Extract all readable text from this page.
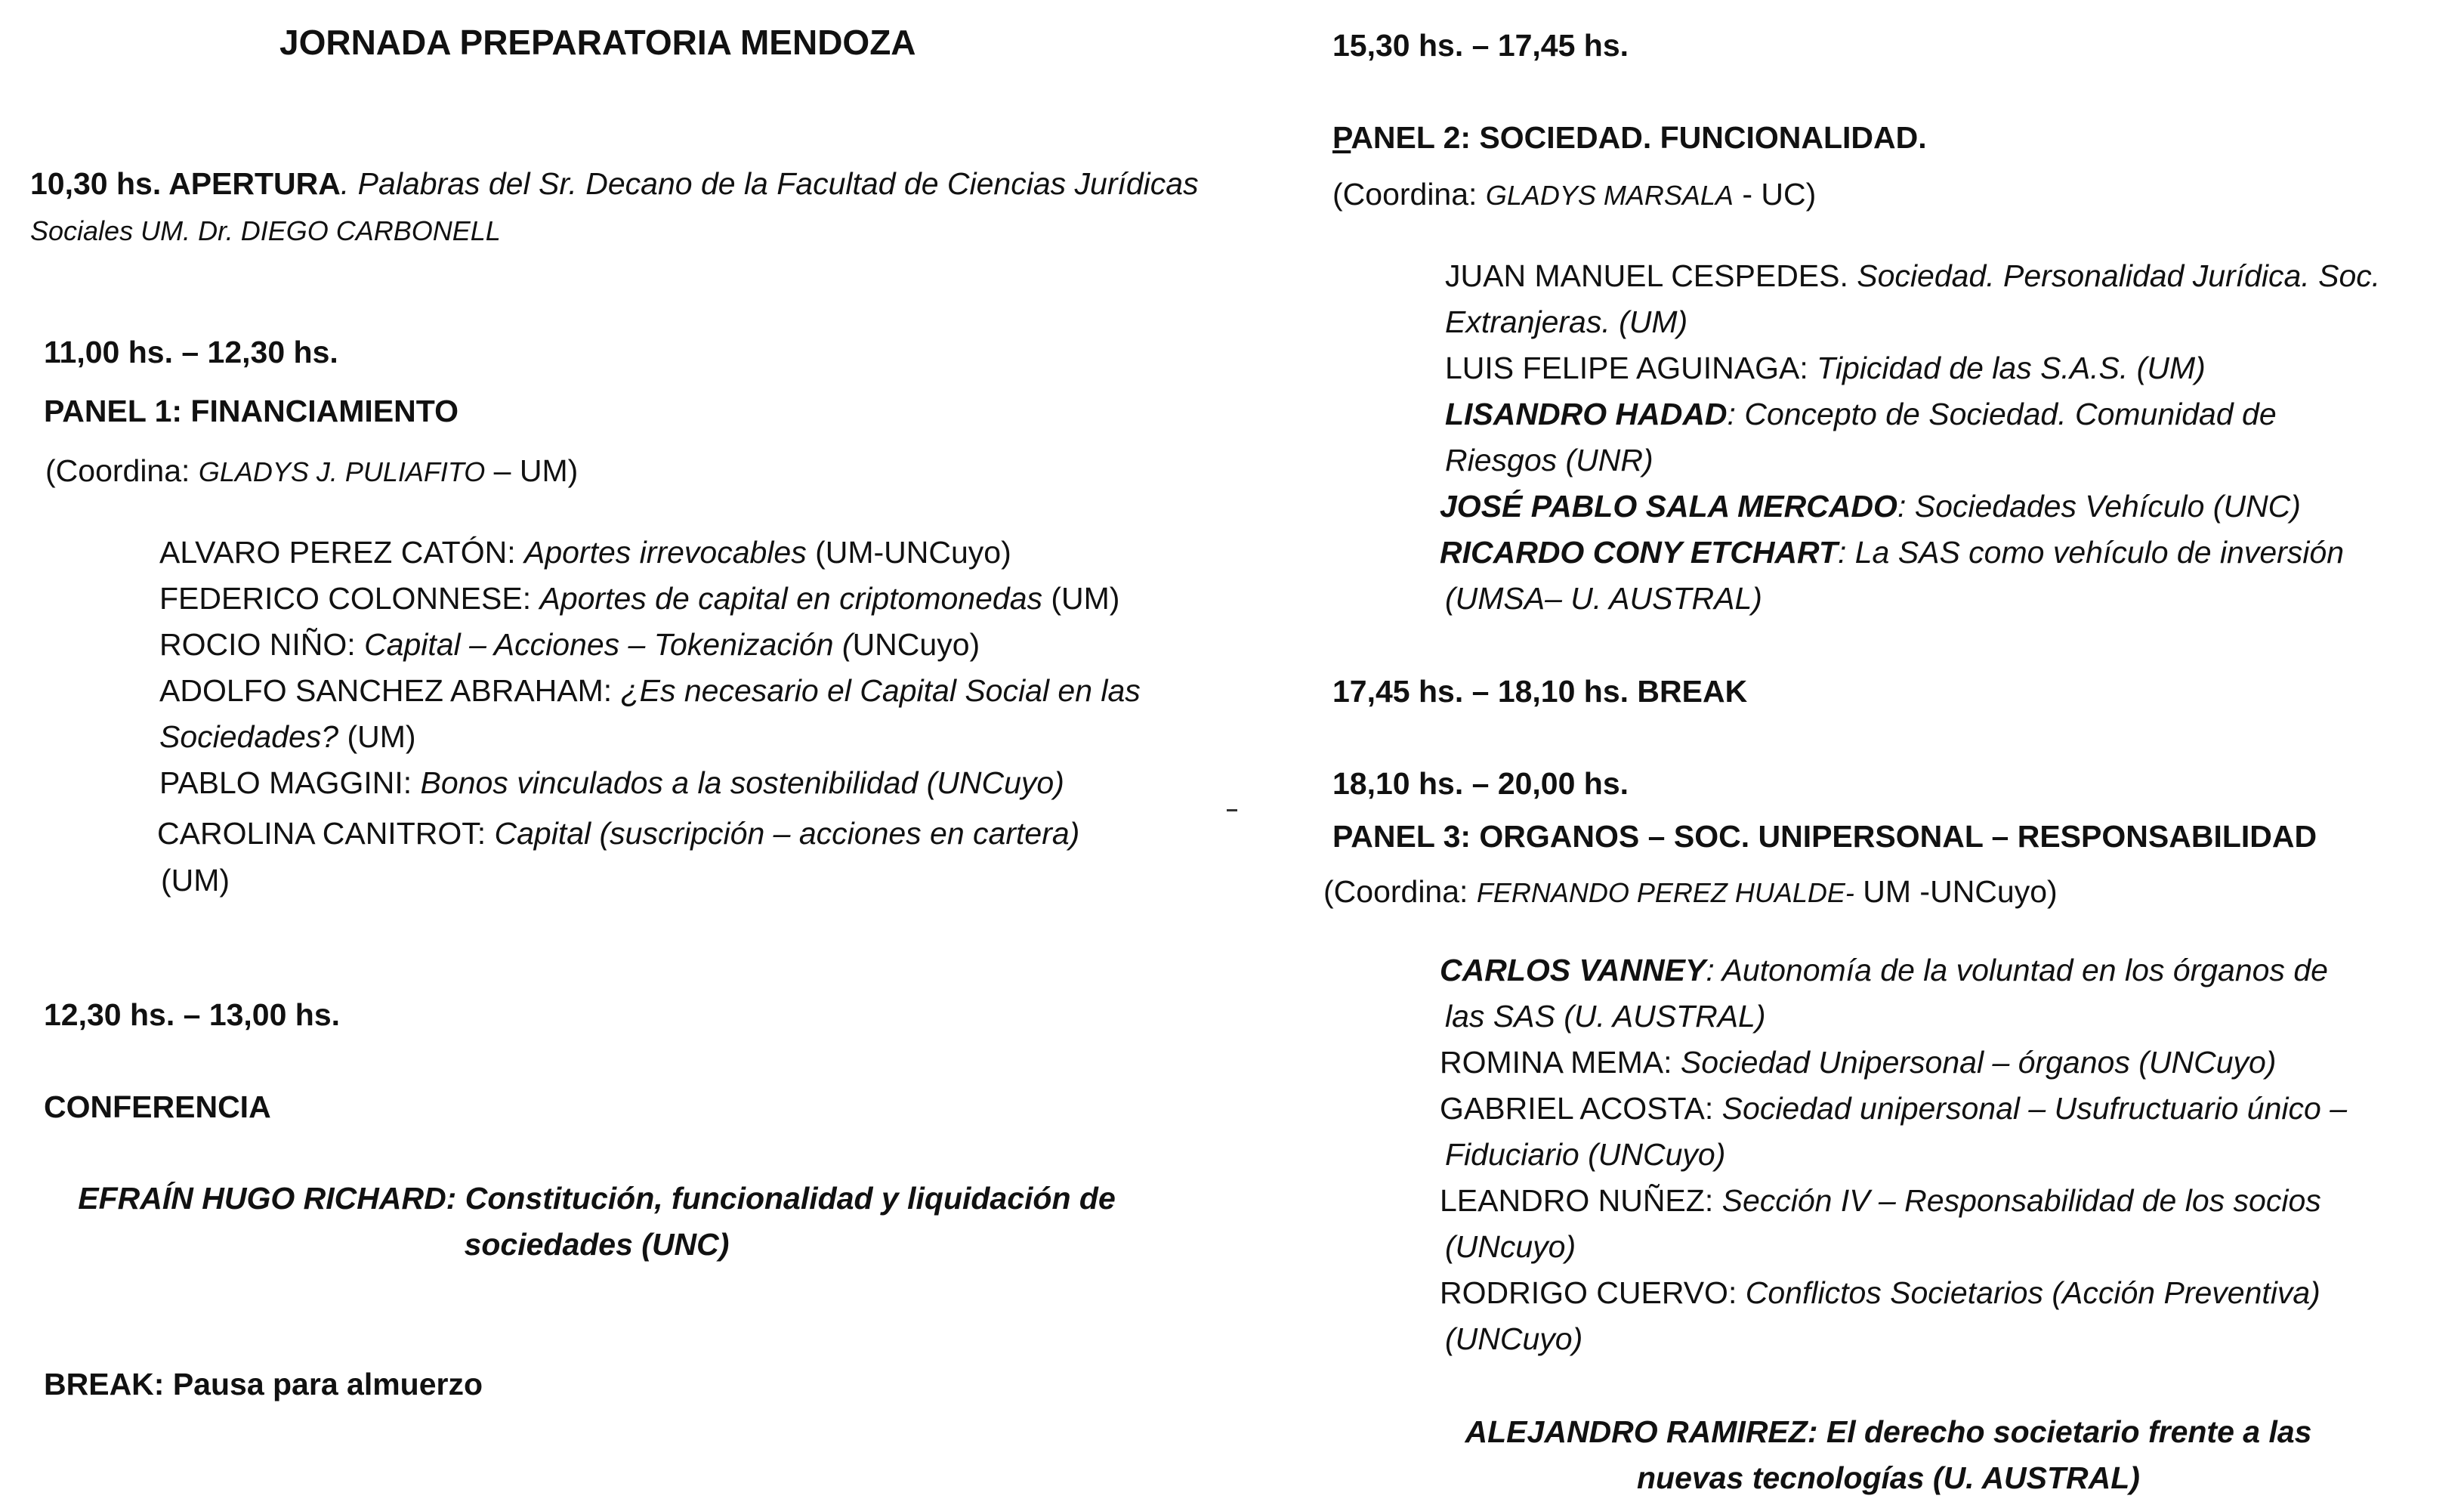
JORNADA PREPARATORIA MENDOZA
10,30 hs. APERTURA. Palabras del Sr. Decano de la Facultad de Ciencias Jurídicas
Sociales UM. Dr. DIEGO CARBONELL
11,00 hs. – 12,30 hs.
PANEL 1: FINANCIAMIENTO
(Coordina: GLADYS J. PULIAFITO – UM)
ALVARO PEREZ CATÓN: Aportes irrevocables (UM-UNCuyo)
FEDERICO COLONNESE: Aportes de capital en criptomonedas (UM)
ROCIO NIÑO: Capital – Acciones – Tokenización (UNCuyo)
ADOLFO SANCHEZ ABRAHAM: ¿Es necesario el Capital Social en las
Sociedades? (UM)
PABLO MAGGINI: Bonos vinculados a la sostenibilidad (UNCuyo)
CAROLINA CANITROT: Capital (suscripción – acciones en cartera)
(UM)
12,30 hs. – 13,00 hs.
CONFERENCIA
EFRAÍN HUGO RICHARD: Constitución, funcionalidad y liquidación de
sociedades (UNC)
BREAK: Pausa para almuerzo
15,30 hs. – 17,45 hs.
PANEL 2: SOCIEDAD. FUNCIONALIDAD.
(Coordina: GLADYS MARSALA - UC)
JUAN MANUEL CESPEDES. Sociedad. Personalidad Jurídica. Soc.
Extranjeras. (UM)
LUIS FELIPE AGUINAGA: Tipicidad de las S.A.S. (UM)
LISANDRO HADAD: Concepto de Sociedad. Comunidad de
Riesgos (UNR)
JOSÉ PABLO SALA MERCADO: Sociedades Vehículo (UNC)
RICARDO CONY ETCHART: La SAS como vehículo de inversión
(UMSA– U. AUSTRAL)
17,45 hs. – 18,10 hs. BREAK
18,10 hs. – 20,00 hs.
PANEL 3: ORGANOS – SOC. UNIPERSONAL – RESPONSABILIDAD
(Coordina: FERNANDO PEREZ HUALDE- UM -UNCuyo)
CARLOS VANNEY: Autonomía de la voluntad en los órganos de
las SAS (U. AUSTRAL)
ROMINA MEMA: Sociedad Unipersonal – órganos (UNCuyo)
GABRIEL ACOSTA: Sociedad unipersonal – Usufructuario único –
Fiduciario (UNCuyo)
LEANDRO NUÑEZ: Sección IV – Responsabilidad de los socios
(UNcuyo)
RODRIGO CUERVO: Conflictos Societarios (Acción Preventiva)
(UNCuyo)
ALEJANDRO RAMIREZ: El derecho societario frente a las
nuevas tecnologías (U. AUSTRAL)
